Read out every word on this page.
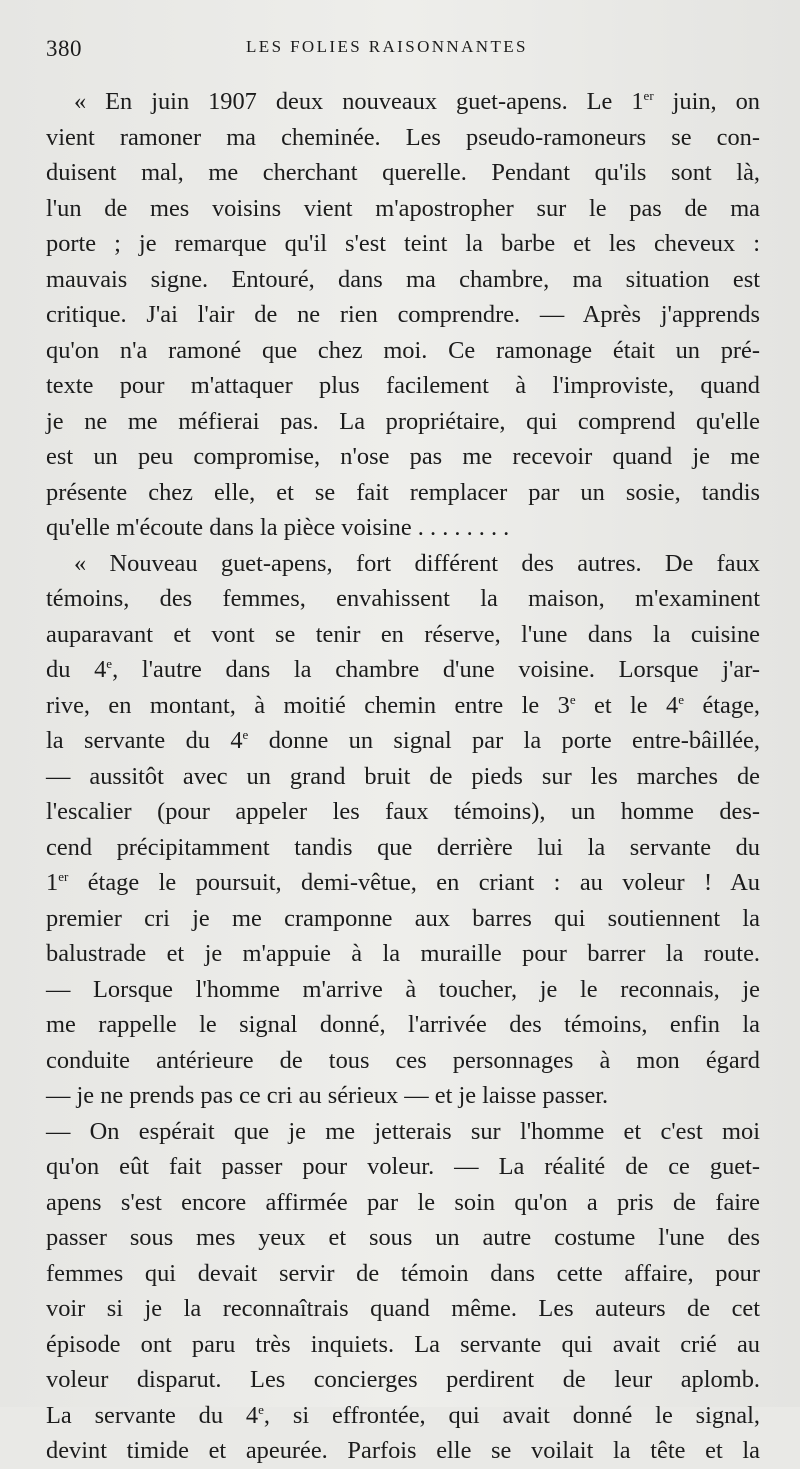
380	LES FOLIES RAISONNANTES
« En juin 1907 deux nouveaux guet-apens. Le 1er juin, on
vient ramoner ma cheminée. Les pseudo-ramoneurs se con-
duisent mal, me cherchant querelle. Pendant qu'ils sont là,
l'un de mes voisins vient m'apostropher sur le pas de ma
porte ; je remarque qu'il s'est teint la barbe et les cheveux :
mauvais signe. Entouré, dans ma chambre, ma situation est
critique. J'ai l'air de ne rien comprendre. — Après j'apprends
qu'on n'a ramoné que chez moi. Ce ramonage était un pré-
texte pour m'attaquer plus facilement à l'improviste, quand
je ne me méfierai pas. La propriétaire, qui comprend qu'elle
est un peu compromise, n'ose pas me recevoir quand je me
présente chez elle, et se fait remplacer par un sosie, tandis
qu'elle m'écoute dans la pièce voisine . . . . . . . .
« Nouveau guet-apens, fort différent des autres. De faux
témoins, des femmes, envahissent la maison, m'examinent
auparavant et vont se tenir en réserve, l'une dans la cuisine
du 4e, l'autre dans la chambre d'une voisine. Lorsque j'ar-
rive, en montant, à moitié chemin entre le 3e et le 4e étage,
la servante du 4e donne un signal par la porte entre-bâillée,
— aussitôt avec un grand bruit de pieds sur les marches de
l'escalier (pour appeler les faux témoins), un homme des-
cend précipitamment tandis que derrière lui la servante du
1er étage le poursuit, demi-vêtue, en criant : au voleur ! Au
premier cri je me cramponne aux barres qui soutiennent la
balustrade et je m'appuie à la muraille pour barrer la route.
— Lorsque l'homme m'arrive à toucher, je le reconnais, je
me rappelle le signal donné, l'arrivée des témoins, enfin la
conduite antérieure de tous ces personnages à mon égard
— je ne prends pas ce cri au sérieux — et je laisse passer.
— On espérait que je me jetterais sur l'homme et c'est moi
qu'on eût fait passer pour voleur. — La réalité de ce guet-
apens s'est encore affirmée par le soin qu'on a pris de faire
passer sous mes yeux et sous un autre costume l'une des
femmes qui devait servir de témoin dans cette affaire, pour
voir si je la reconnaîtrais quand même. Les auteurs de cet
épisode ont paru très inquiets. La servante qui avait crié au
voleur disparut. Les concierges perdirent de leur aplomb.
La servante du 4e, si effrontée, qui avait donné le signal,
devint timide et apeurée. Parfois elle se voilait la tête et la
